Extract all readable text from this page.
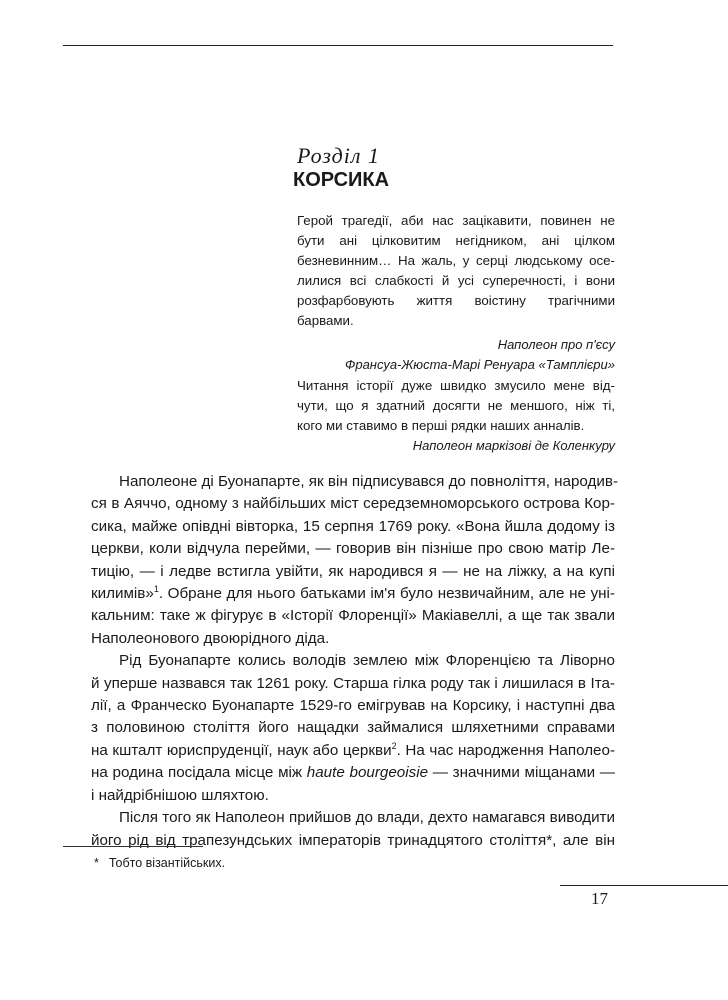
Розділ 1
КОРСИКА
Герой трагедії, аби нас зацікавити, повинен не
бути ані цілковитим негідником, ані цілком
безневинним… На жаль, у серці людському осе-
лилися всі слабкості й усі суперечності, і вони
розфарбовують життя воістину трагічними
барвами.
Наполеон про п'єсу
Франсуа-Жюста-Марі Ренуара «Тамплієри»
Читання історії дуже швидко змусило мене від-
чути, що я здатний досягти не меншого, ніж ті,
кого ми ставимо в перші рядки наших анналів.
Наполеон маркізові де Коленкуру
Наполеоне ді Буонапарте, як він підписувався до повноліття, народив-
ся в Аяччо, одному з найбільших міст середземноморського острова Кор-
сика, майже опівдні вівторка, 15 серпня 1769 року. «Вона йшла додому із
церкви, коли відчула перейми, — говорив він пізніше про свою матір Ле-
тицію, — і ледве встигла увійти, як народився я — не на ліжку, а на купі
килимів»$^1$. Обране для нього батьками ім'я було незвичайним, але не уні-
кальним: таке ж фігурує в «Історії Флоренції» Макіавеллі, а ще так звали
Наполеонового двоюрідного діда.
Рід Буонапарте колись володів землею між Флоренцією та Ліворно
й уперше назвався так 1261 року. Старша гілка роду так і лишилася в Іта-
лії, а Франческо Буонапарте 1529-го емігрував на Корсику, і наступні два
з половиною століття його нащадки займалися шляхетними справами
на кшталт юриспруденції, наук або церкви$^2$. На час народження Наполео-
на родина посідала місце між haute bourgeoisie — значними міщанами —
і найдрібнішою шляхтою.
Після того як Наполеон прийшов до влади, дехто намагався виводити
його рід від трапезундських імператорів тринадцятого століття*, але він
* Тобто візантійських.
17
